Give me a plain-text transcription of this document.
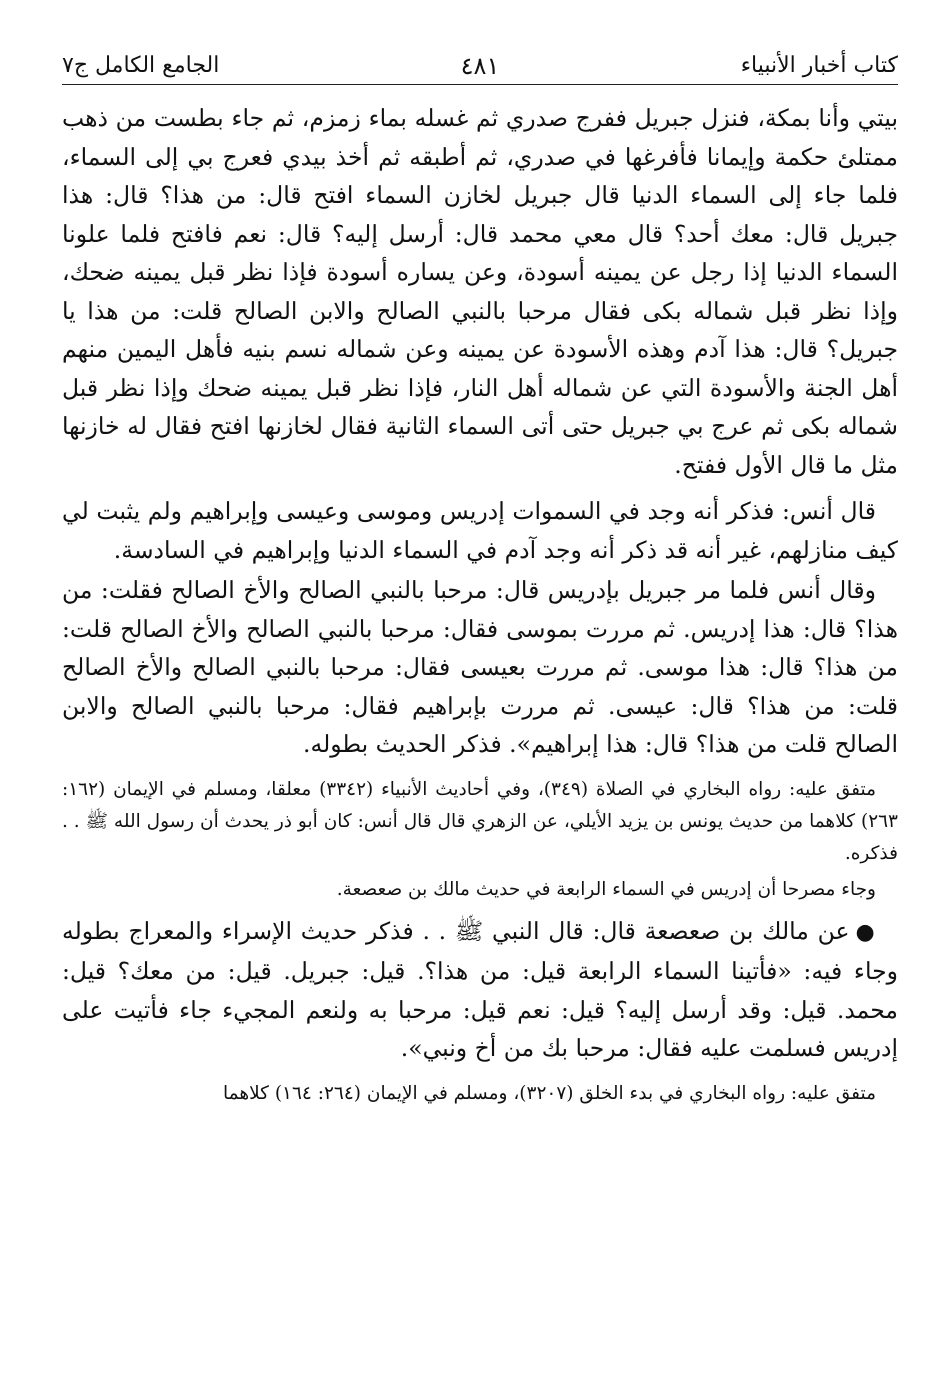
كتاب أخبار الأنبياء
٤٨١
الجامع الكامل ج٧

بيتي وأنا بمكة، فنزل جبريل ففرج صدري ثم غسله بماء زمزم، ثم جاء بطست من ذهب ممتلئ حكمة وإيمانا فأفرغها في صدري، ثم أطبقه ثم أخذ بيدي فعرج بي إلى السماء، فلما جاء إلى السماء الدنيا قال جبريل لخازن السماء افتح قال: من هذا؟ قال: هذا جبريل قال: معك أحد؟ قال معي محمد قال: أرسل إليه؟ قال: نعم فافتح فلما علونا السماء الدنيا إذا رجل عن يمينه أسودة، وعن يساره أسودة فإذا نظر قبل يمينه ضحك، وإذا نظر قبل شماله بكى فقال مرحبا بالنبي الصالح والابن الصالح قلت: من هذا يا جبريل؟ قال: هذا آدم وهذه الأسودة عن يمينه وعن شماله نسم بنيه فأهل اليمين منهم أهل الجنة والأسودة التي عن شماله أهل النار، فإذا نظر قبل يمينه ضحك وإذا نظر قبل شماله بكى ثم عرج بي جبريل حتى أتى السماء الثانية فقال لخازنها افتح فقال له خازنها مثل ما قال الأول ففتح.

قال أنس: فذكر أنه وجد في السموات إدريس وموسى وعيسى وإبراهيم ولم يثبت لي كيف منازلهم، غير أنه قد ذكر أنه وجد آدم في السماء الدنيا وإبراهيم في السادسة.

وقال أنس فلما مر جبريل بإدريس قال: مرحبا بالنبي الصالح والأخ الصالح فقلت: من هذا؟ قال: هذا إدريس. ثم مررت بموسى فقال: مرحبا بالنبي الصالح والأخ الصالح قلت: من هذا؟ قال: هذا موسى. ثم مررت بعيسى فقال: مرحبا بالنبي الصالح والأخ الصالح قلت: من هذا؟ قال: عيسى. ثم مررت بإبراهيم فقال: مرحبا بالنبي الصالح والابن الصالح قلت من هذا؟ قال: هذا إبراهيم». فذكر الحديث بطوله.

متفق عليه: رواه البخاري في الصلاة (٣٤٩)، وفي أحاديث الأنبياء (٣٣٤٢) معلقا، ومسلم في الإيمان (١٦٢: ٢٦٣) كلاهما من حديث يونس بن يزيد الأيلي، عن الزهري قال قال أنس: كان أبو ذر يحدث أن رسول الله ﷺ . . فذكره.

وجاء مصرحا أن إدريس في السماء الرابعة في حديث مالك بن صعصعة.

●عن مالك بن صعصعة قال: قال النبي ﷺ . . فذكر حديث الإسراء والمعراج بطوله وجاء فيه: «فأتينا السماء الرابعة قيل: من هذا؟. قيل: جبريل. قيل: من معك؟ قيل: محمد. قيل: وقد أرسل إليه؟ قيل: نعم قيل: مرحبا به ولنعم المجيء جاء فأتيت على إدريس فسلمت عليه فقال: مرحبا بك من أخ ونبي».

متفق عليه: رواه البخاري في بدء الخلق (٣٢٠٧)، ومسلم في الإيمان (٢٦٤: ١٦٤) كلاهما
